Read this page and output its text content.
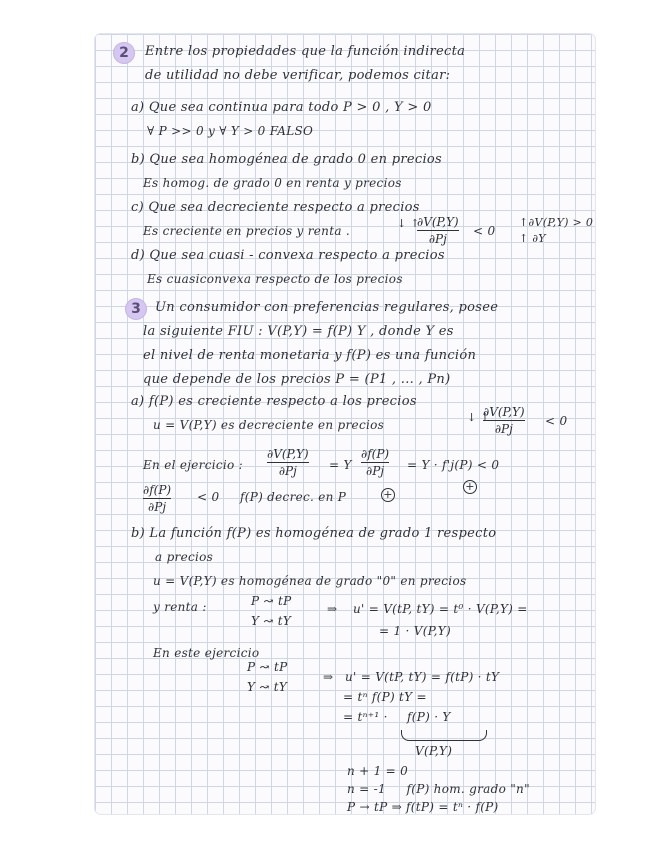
2 Entre los propiedades que la función indirecta
de utilidad no debe verificar, podemos citar:
a) Que sea continua para todo P > 0 , Y > 0
∀ P >> 0 y ∀ Y > 0 FALSO
b) Que sea homogénea de grado 0 en precios
Es homog. de grado 0 en renta y precios
c) Que sea decreciente respecto a precios
Es creciente en precios y renta .
↓ ↑
∂V(P,Y)
∂Pj
< 0
↑∂V(P,Y) > 0
↑ ∂Y
d) Que sea cuasi - convexa respecto a precios
Es cuasiconvexa respecto de los precios
3 Un consumidor con preferencias regulares, posee
la siguiente FIU : V(P,Y) = f(P) Y , donde Y es
el nivel de renta monetaria y f(P) es una función
que depende de los precios P = (P1 , ... , Pn)
a) f(P) es creciente respecto a los precios
u = V(P,Y) es decreciente en precios
↓ ↑
∂V(P,Y)
∂Pj
< 0
En el ejercicio :
∂V(P,Y)
∂Pj	= Y
∂f(P)
∂Pj = Y · f'j(P) < 0
+
∂f(P)
∂Pj
< 0     f(P) decrec. en P	+
b) La función f(P) es homogénea de grado 1 respecto
a precios
u = V(P,Y) es homogénea de grado "0" en precios
y renta :	P ↝ tP
Y ↝ tY
⇒ u' = V(tP, tY) = t⁰ · V(P,Y) =
= 1 · V(P,Y)
En este ejercicio
P ↝ tP
Y ↝ tY
⇒ u' = V(tP, tY) = f(tP) · tY
= tⁿ f(P) tY =
= tⁿ⁺¹ · f(P) · Y
V(P,Y)
n + 1 = 0
n = -1     f(P) hom. grado "n"
P → tP ⇒ f(tP) = tⁿ · f(P)
